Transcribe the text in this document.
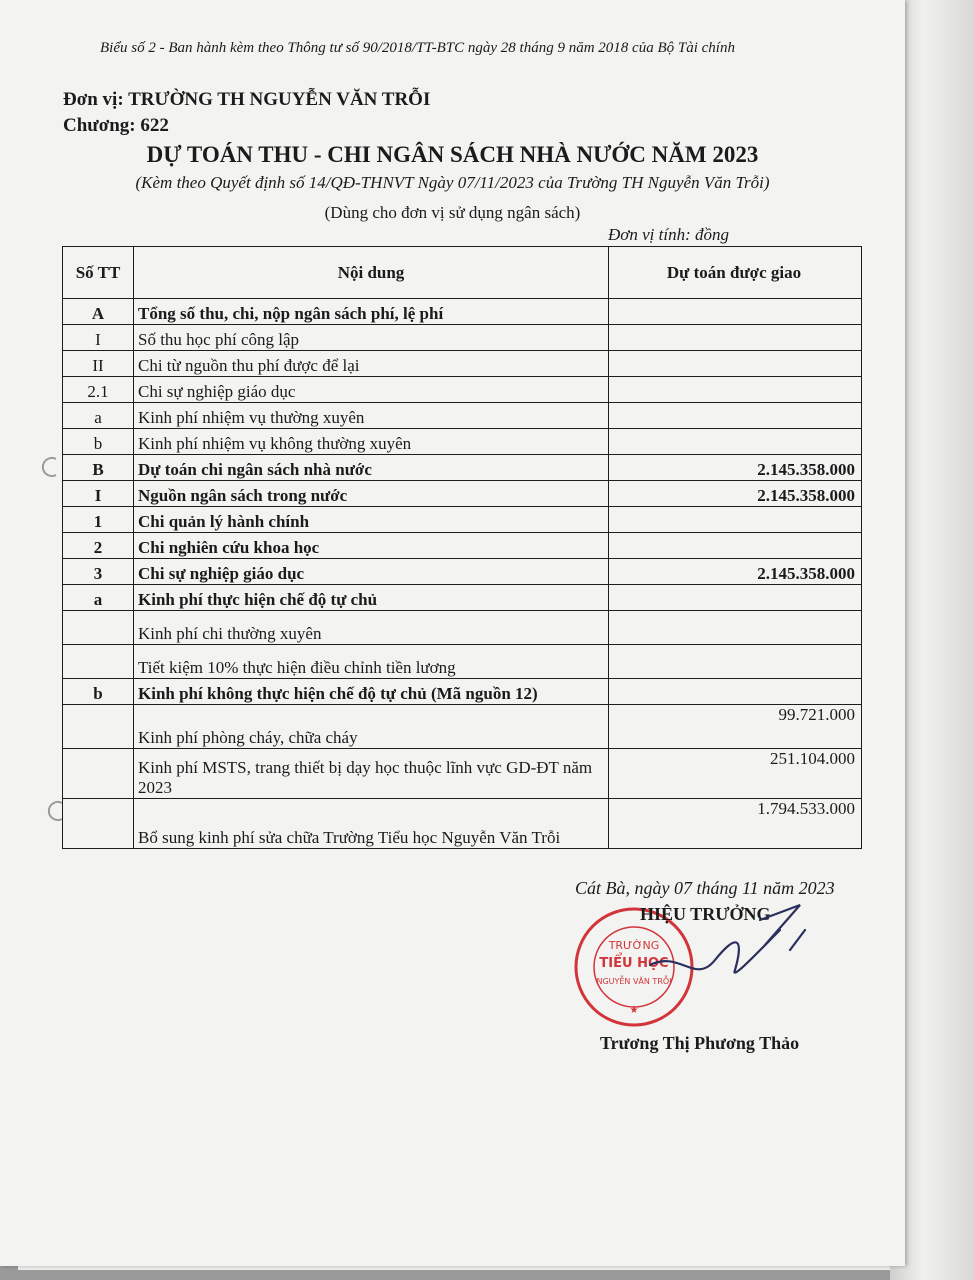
Biểu số 2 - Ban hành kèm theo Thông tư số 90/2018/TT-BTC ngày 28 tháng 9 năm 2018 của Bộ Tài chính
Đơn vị: TRƯỜNG TH NGUYỄN VĂN TRỖI
Chương: 622
DỰ TOÁN THU - CHI NGÂN SÁCH NHÀ NƯỚC NĂM 2023
(Kèm theo Quyết định số 14/QĐ-THNVT Ngày 07/11/2023 của Trường TH Nguyễn Văn Trỗi)
(Dùng cho đơn vị sử dụng ngân sách)
Đơn vị tính: đồng
Số TT	Nội dung	Dự toán được giao
A	Tổng số thu, chi, nộp ngân sách phí, lệ phí	
I	Số thu học phí công lập	
II	Chi từ nguồn thu phí được để lại	
2.1	Chi sự nghiệp giáo dục	
a	Kinh phí nhiệm vụ thường xuyên	
b	Kinh phí nhiệm vụ không thường xuyên	
B	Dự toán chi ngân sách nhà nước	2.145.358.000
I	Nguồn ngân sách trong nước	2.145.358.000
1	Chi quản lý hành chính	
2	Chi nghiên cứu khoa học	
3	Chi sự nghiệp giáo dục	2.145.358.000
a	Kinh phí thực hiện chế độ tự chủ	
	Kinh phí chi thường xuyên	
	Tiết kiệm 10% thực hiện điều chỉnh tiền lương	
b	Kinh phí không thực hiện chế độ tự chủ (Mã nguồn 12)	
	Kinh phí phòng cháy, chữa cháy	99.721.000
	Kinh phí MSTS, trang thiết bị dạy học thuộc lĩnh vực GD-ĐT năm 2023	251.104.000
	Bổ sung kinh phí sửa chữa Trường Tiểu học Nguyễn Văn Trỗi	1.794.533.000
Cát Bà, ngày 07 tháng 11 năm 2023
TRƯỜNG
TIỂU HỌC
NGUYỄN VĂN TRỖI
★
HIỆU TRƯỞNG
Trương Thị Phương Thảo
